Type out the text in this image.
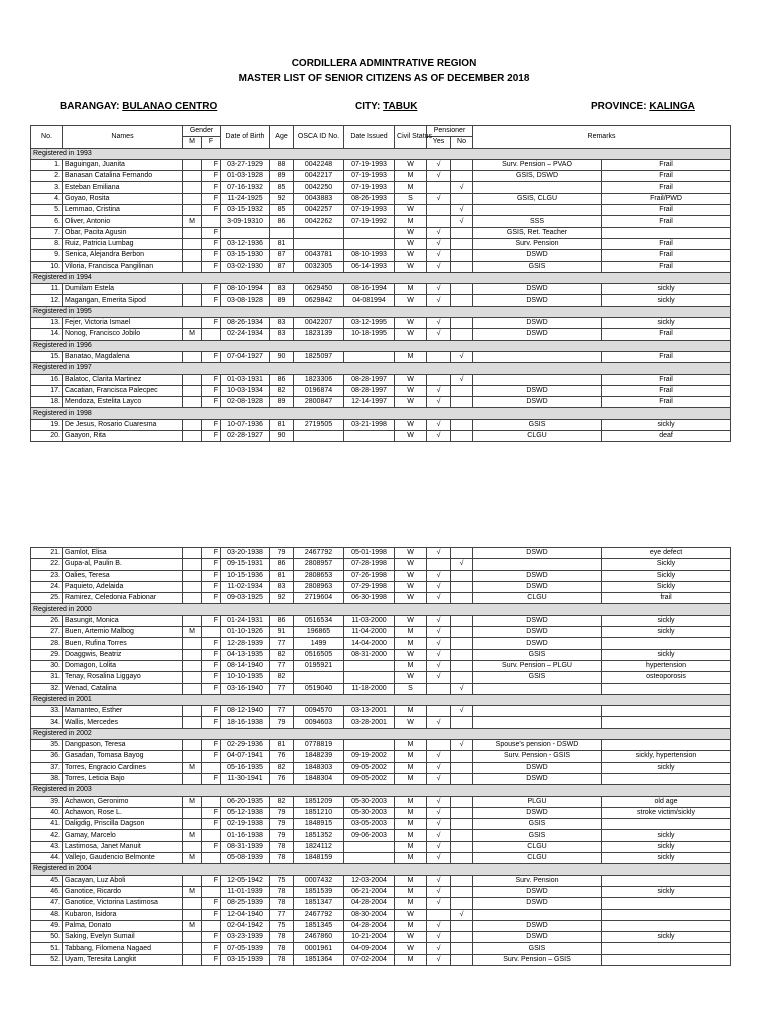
CORDILLERA ADMINTRATIVE REGION
MASTER LIST OF SENIOR CITIZENS AS OF DECEMBER 2018
BARANGAY: BULANAO CENTRO	CITY: TABUK	PROVINCE: KALINGA
No.	Names	Gender		Date of Birth	Age	OSCA ID No.	Date Issued	Civil Status	Pensioner		Remarks	
		M	F						Yes	No		
Registered in 1993												
1.	Baguingan, Juanita		F	03-27-1929	88	0042248	07-19-1993	W	√		Surv. Pension – PVAO	Frail
2.	Banasan Catalina Fernando		F	01-03-1928	89	0042217	07-19-1993	M	√		GSIS, DSWD	Frail
3.	Esteban Emiliana		F	07-16-1932	85	0042250	07-19-1993	M		√		Frail
4.	Goyao, Rosita		F	11-24-1925	92	0043883	08-26-1993	S	√		GSIS, CLGU	Frail/PWD
5.	Lemmao, Cristina		F	03-15-1932	85	0042257	07-19-1993	W		√		Frail
6.	Oliver, Antonio	M		3-09-19310	86	0042262	07-19-1992	M		√	SSS	Frail
7.	Obar, Pacita Agusin		F					W	√		GSIS, Ret. Teacher	
8.	Ruiz, Patricia Lumbag		F	03-12-1936	81			W	√		Surv. Pension	Frail
9.	Senica, Alejandra Berbon		F	03-15-1930	87	0043781	08-10-1993	W	√		DSWD	Frail
10.	Viloria, Francisca Pangilinan		F	03-02-1930	87	0032305	06-14-1993	W	√		GSIS	Frail
Registered in 1994												
11.	Dumilam Estela		F	08-10-1994	83	0629450	08-16-1994	M	√		DSWD	sickly
12.	Magangan, Emerita Sipod		F	03-08-1928	89	0629842	04-081994	W	√		DSWD	sickly
Registered in 1995												
13.	Fejer, Victoria Ismael		F	08-26-1934	83	0042207	03-12-1995	W	√		DSWD	sickly
14.	Nonog, Francisco Jobilo	M		02-24-1934	83	1823139	10-18-1995	W	√		DSWD	Frail
Registered in 1996												
15.	Banatao, Magdalena		F	07-04-1927	90	1825097		M		√		Frail
Registered in 1997												
16.	Balatoc, Clarita Martinez		F	01-03-1931	86	1823306	08-28-1997	W		√		Frail
17.	Cacatian, Francisca Palecpec		F	10-03-1934	82	0196874	08-28-1997	W	√		DSWD	Frail
18.	Mendoza, Estelita Layco		F	02-08-1928	89	2800847	12-14-1997	W	√		DSWD	Frail
Registered in 1998												
19.	De Jesus, Rosario Cuaresma		F	10-07-1936	81	2719505	03-21-1998	W	√		GSIS	sickly
20.	Gaayon, Rita		F	02-28-1927	90			W	√		CLGU	deaf
21.	Gamlot, Elisa		F	03-20-1938	79	2467792	05-01-1998	W	√		DSWD	eye defect
22.	Gupa-al, Paulin B.		F	09-15-1931	86	2808957	07-28-1998	W		√		Sickly
23.	Oalies, Teresa		F	10-15-1936	81	2808653	07-26-1998	W	√		DSWD	Sickly
24.	Paquieto, Adelaida		F	11-02-1934	83	2808963	07-29-1998	W	√		DSWD	Sickly
25.	Ramirez, Celedonia Fabionar		F	09-03-1925	92	2719604	06-30-1998	W	√		CLGU	frail
Registered in 2000												
26.	Basungit, Monica		F	01-24-1931	86	0516534	11-03-2000	W	√		DSWD	sickly
27.	Buen, Artemio Malbog	M		01-10-1926	91	196865	11-04-2000	M	√		DSWD	sickly
28.	Buen, Rufina Torres		F	12-28-1939	77	1499	14-04-2000	M	√		DSWD	
29.	Doaggwis, Beatriz		F	04-13-1935	82	0516505	08-31-2000	W	√		GSIS	sickly
30.	Domagon, Lolita		F	08-14-1940	77	0195921		M	√		Surv. Pension – PLGU	hypertension
31.	Tenay, Rosalina Liggayo		F	10-10-1935	82			W	√		GSIS	osteoporosis
32.	Wenad, Catalina		F	03-16-1940	77	0519040	11-18-2000	S		√		
Registered in 2001												
33.	Mamanteo, Esther		F	08-12-1940	77	0094570	03-13-2001	M		√		
34.	Wallis, Mercedes		F	18-16-1938	79	0094603	03-28-2001	W	√			
Registered in 2002												
35.	Dangpason, Teresa		F	02-29-1936	81	0778819		M		√	Spouse's pension - DSWD	
36.	Gasadan, Tomasa Bayog		F	04-07-1941	76	1848239	09-19-2002	M	√		Surv. Pension - GSIS	sickly, hypertension
37.	Torres, Engracio Cardines	M		05-16-1935	82	1848303	09-05-2002	M	√		DSWD	sickly
38.	Torres, Leticia Bajo		F	11-30-1941	76	1848304	09-05-2002	M	√		DSWD	
Registered in 2003												
39.	Achawon, Geronimo	M		06-20-1935	82	1851209	05-30-2003	M	√		PLGU	old age
40.	Achawon, Rose L.		F	05-12-1938	79	1851210	05-30-2003	M	√		DSWD	stroke victim/sickly
41.	Daligdig, Priscilla Dagson		F	02-19-1938	79	1848915	03-05-2003	M	√		GSIS	
42.	Gamay, Marcelo	M		01-16-1938	79	1851352	09-06-2003	M	√		GSIS	sickly
43.	Lastimosa, Janet Manuit		F	08-31-1939	78	1824112		M	√		CLGU	sickly
44.	Vallejo, Gaudencio Belmonte	M		05-08-1939	78	1848159		M	√		CLGU	sickly
Registered in 2004												
45.	Gacayan, Luz Aboli		F	12-05-1942	75	0007432	12-03-2004	M	√		Surv. Pension	
46.	Ganotice, Ricardo	M		11-01-1939	78	1851539	06-21-2004	M	√		DSWD	sickly
47.	Ganotice, Victorina Lastimosa		F	08-25-1939	78	1851347	04-28-2004	M	√		DSWD	
48.	Kubaron, Isidora		F	12-04-1940	77	2467792	08-30-2004	W		√		
49.	Palma, Donato	M		02-04-1942	75	1851345	04-28-2004	M	√		DSWD	
50.	Saking, Evelyn Sumail		F	03-23-1939	78	2467860	10-21-2004	W	√		DSWD	sickly
51.	Tabbang, Filomena Nagaed		F	07-05-1939	78	0001961	04-09-2004	W	√		GSIS	
52.	Uyam, Teresita Langkit		F	03-15-1939	78	1851364	07-02-2004	M	√		Surv. Pension – GSIS	
